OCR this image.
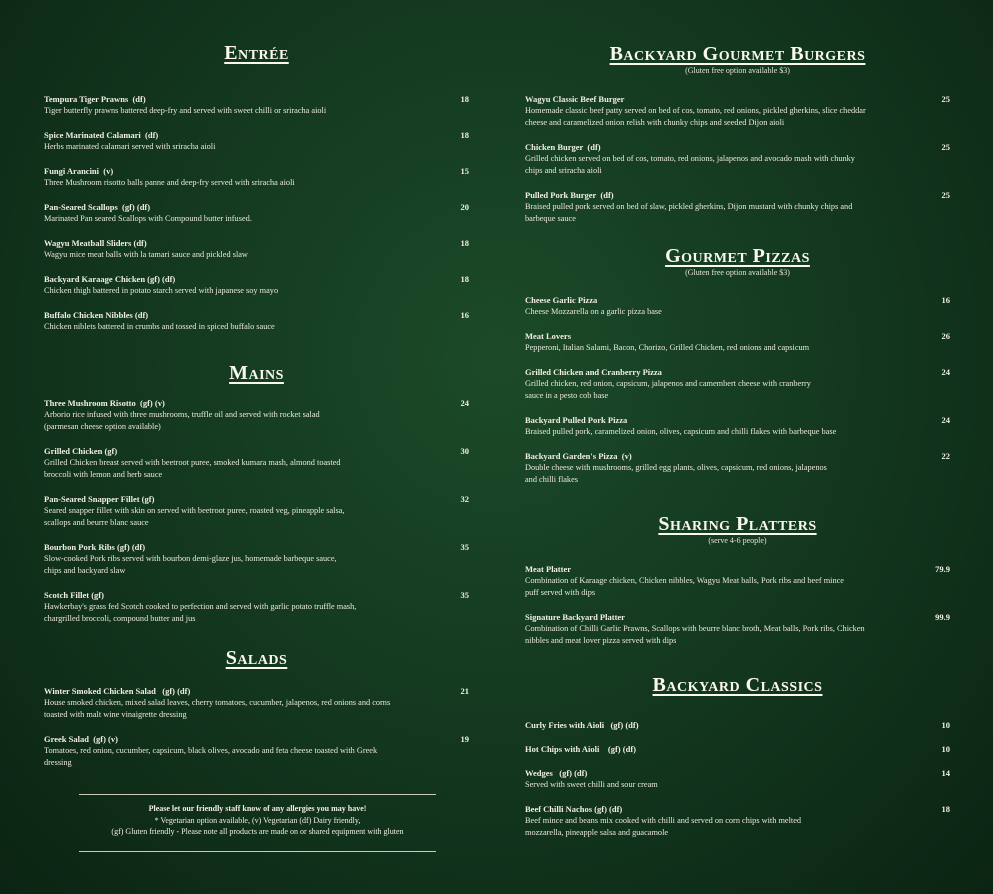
Entrée
Tempura Tiger Prawns  (df)	18
Tiger butterfly prawns battered deep-fry and served with sweet chilli or sriracha aioli
Spice Marinated Calamari  (df)	18
Herbs marinated calamari served with sriracha aioli
Fungi Arancini  (v)	15
Three Mushroom risotto balls panne and deep-fry served with sriracha aioli
Pan-Seared Scallops  (gf) (df)	20
Marinated Pan seared Scallops with Compound butter infused.
Wagyu Meatball Sliders (df)	18
Wagyu mice meat balls with la tamari sauce and pickled slaw
Backyard Karaage Chicken (gf) (df)	18
Chicken thigh battered in potato starch served with japanese soy mayo
Buffalo Chicken Nibbles (df)	16
Chicken niblets battered in crumbs and tossed in spiced buffalo sauce
Mains
Three Mushroom Risotto  (gf) (v)	24
Arborio rice infused with three mushrooms, truffle oil and served with rocket salad
(parmesan cheese option available)
Grilled Chicken (gf)	30
Grilled Chicken breast served with beetroot puree, smoked kumara mash, almond toasted
broccoli with lemon and herb sauce
Pan-Seared Snapper Fillet (gf)	32
Seared snapper fillet with skin on served with beetroot puree, roasted veg, pineapple salsa,
scallops and beurre blanc sauce
Bourbon Pork Ribs (gf) (df)	35
Slow-cooked Pork ribs served with bourbon demi-glaze jus, homemade barbeque sauce,
chips and backyard slaw
Scotch Fillet (gf)	35
Hawkerbay's grass fed Scotch cooked to perfection and served with garlic potato truffle mash,
chargrilled broccoli, compound butter and jus
Salads
Winter Smoked Chicken Salad   (gf) (df)	21
House smoked chicken, mixed salad leaves, cherry tomatoes, cucumber, jalapenos, red onions and corns
toasted with malt wine vinaigrette dressing
Greek Salad  (gf) (v)	19
Tomatoes, red onion, cucumber, capsicum, black olives, avocado and feta cheese toasted with Greek
dressing
Please let our friendly staff know of any allergies you may have!
* Vegetarian option available, (v) Vegetarian (df) Dairy friendly,
(gf) Gluten friendly - Please note all products are made on or shared equipment with gluten
Backyard Gourmet Burgers
(Gluten free option available $3)
Wagyu Classic Beef Burger	25
Homemade classic beef patty served on bed of cos, tomato, red onions, pickled gherkins, slice cheddar
cheese and caramelized onion relish with chunky chips and seeded Dijon aioli
Chicken Burger  (df)	25
Grilled chicken served on bed of cos, tomato, red onions, jalapenos and avocado mash with chunky
chips and sriracha aioli
Pulled Pork Burger  (df)	25
Braised pulled pork served on bed of slaw, pickled gherkins, Dijon mustard with chunky chips and
barbeque sauce
Gourmet Pizzas
(Gluten free option available $3)
Cheese Garlic Pizza	16
Cheese Mozzarella on a garlic pizza base
Meat Lovers	26
Pepperoni, Italian Salami, Bacon, Chorizo, Grilled Chicken, red onions and capsicum
Grilled Chicken and Cranberry Pizza	24
Grilled chicken, red onion, capsicum, jalapenos and camembert cheese with cranberry
sauce in a pesto cob base
Backyard Pulled Pork Pizza	24
Braised pulled pork, caramelized onion, olives, capsicum and chilli flakes with barbeque base
Backyard Garden's Pizza  (v)	22
Double cheese with mushrooms, grilled egg plants, olives, capsicum, red onions, jalapenos
and chilli flakes
Sharing Platters
(serve 4-6 people)
Meat Platter	79.9
Combination of Karaage chicken, Chicken nibbles, Wagyu Meat balls, Pork ribs and beef mince
puff served with dips
Signature Backyard Platter	99.9
Combination of Chilli Garlic Prawns, Scallops with beurre blanc broth, Meat balls, Pork ribs, Chicken
nibbles and meat lover pizza served with dips
Backyard Classics
Curly Fries with Aioli   (gf) (df)	10
Hot Chips with Aioli    (gf) (df)	10
Wedges   (gf) (df)	14
Served with sweet chilli and sour cream
Beef Chilli Nachos (gf) (df)	18
Beef mince and beans mix cooked with chilli and served on corn chips with melted
mozzarella, pineapple salsa and guacamole
